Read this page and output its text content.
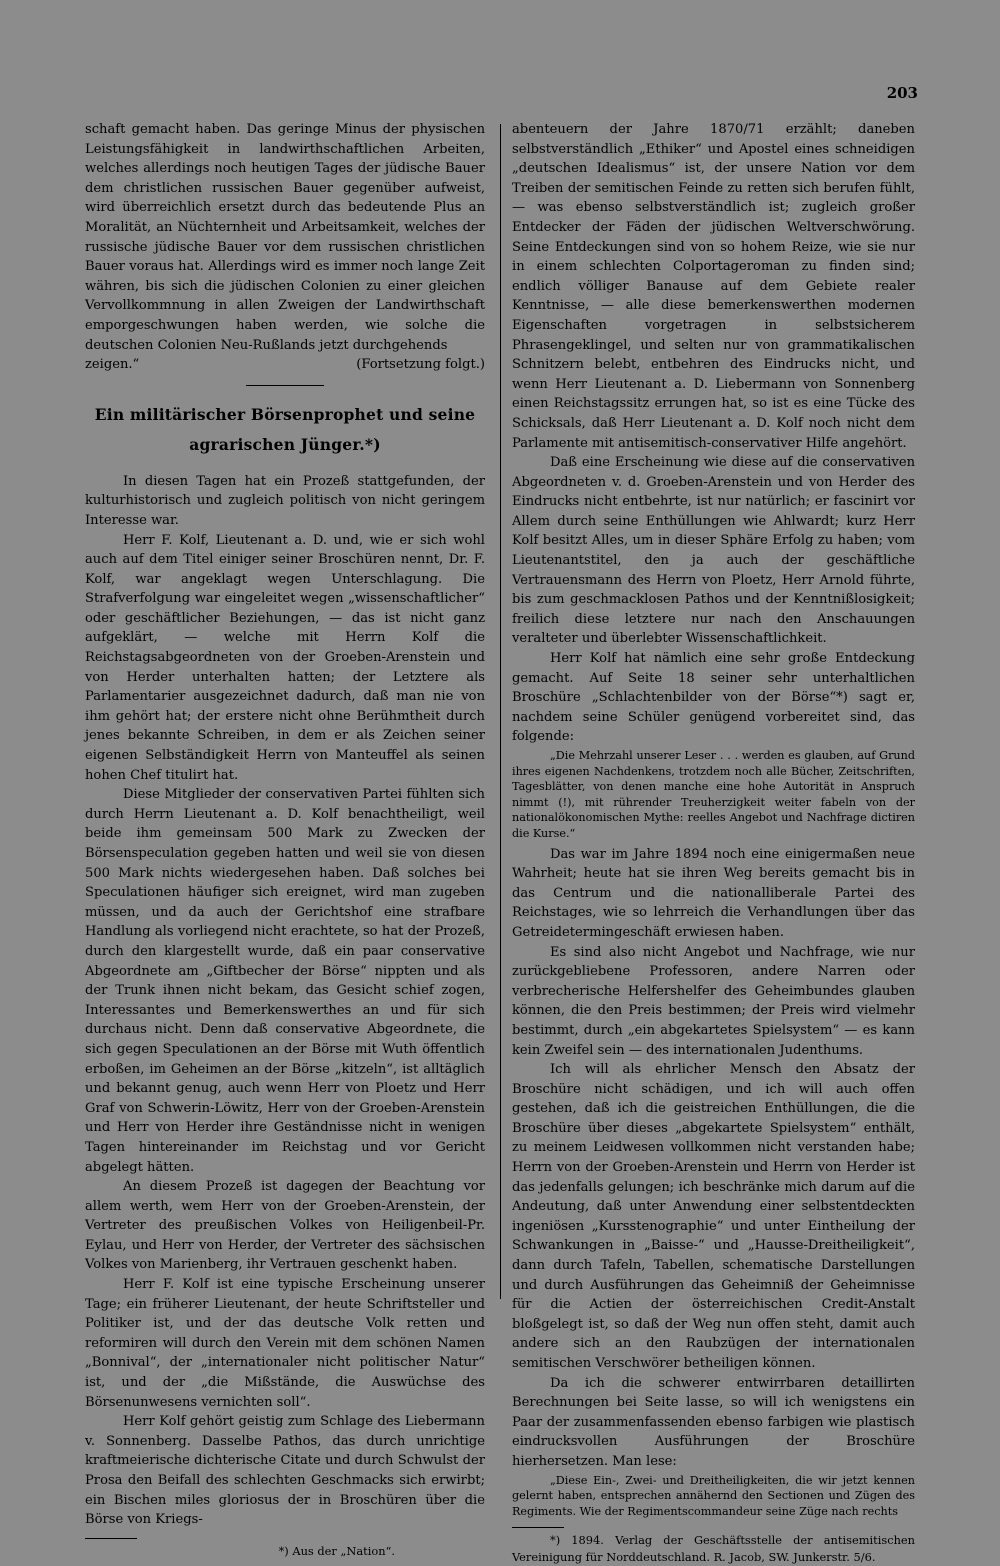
203

schaft gemacht haben. Das geringe Minus der physischen Leistungsfähigkeit in landwirthschaftlichen Arbeiten, welches allerdings noch heutigen Tages der jüdische Bauer dem christlichen russischen Bauer gegenüber aufweist, wird überreichlich ersetzt durch das bedeutende Plus an Moralität, an Nüchternheit und Arbeitsamkeit, welches der russische jüdische Bauer vor dem russischen christlichen Bauer voraus hat. Allerdings wird es immer noch lange Zeit währen, bis sich die jüdischen Colonien zu einer gleichen Vervollkommnung in allen Zweigen der Landwirthschaft emporgeschwungen haben werden, wie solche die deutschen Colonien Neu-Rußlands jetzt durchgehends

zeigen.“	(Fortsetzung folgt.)
Ein militärischer Börsenprophet und seine agrarischen Jünger.*)

In diesen Tagen hat ein Prozeß stattgefunden, der kulturhistorisch und zugleich politisch von nicht geringem Interesse war.

Herr F. Kolf, Lieutenant a. D. und, wie er sich wohl auch auf dem Titel einiger seiner Broschüren nennt, Dr. F. Kolf, war angeklagt wegen Unterschlagung. Die Strafverfolgung war eingeleitet wegen „wissenschaftlicher“ oder geschäftlicher Beziehungen, — das ist nicht ganz aufgeklärt, — welche mit Herrn Kolf die Reichstagsabgeordneten von der Groeben-Arenstein und von Herder unterhalten hatten; der Letztere als Parlamentarier ausgezeichnet dadurch, daß man nie von ihm gehört hat; der erstere nicht ohne Berühmtheit durch jenes bekannte Schreiben, in dem er als Zeichen seiner eigenen Selbständigkeit Herrn von Manteuffel als seinen hohen Chef titulirt hat.

Diese Mitglieder der conservativen Partei fühlten sich durch Herrn Lieutenant a. D. Kolf benachtheiligt, weil beide ihm gemeinsam 500 Mark zu Zwecken der Börsenspeculation gegeben hatten und weil sie von diesen 500 Mark nichts wiedergesehen haben. Daß solches bei Speculationen häufiger sich ereignet, wird man zugeben müssen, und da auch der Gerichtshof eine strafbare Handlung als vorliegend nicht erachtete, so hat der Prozeß, durch den klargestellt wurde, daß ein paar conservative Abgeordnete am „Giftbecher der Börse“ nippten und als der Trunk ihnen nicht bekam, das Gesicht schief zogen, Interessantes und Bemerkenswerthes an und für sich durchaus nicht. Denn daß conservative Abgeordnete, die sich gegen Speculationen an der Börse mit Wuth öffentlich erboßen, im Geheimen an der Börse „kitzeln“, ist alltäglich und bekannt genug, auch wenn Herr von Ploetz und Herr Graf von Schwerin-Löwitz, Herr von der Groeben-Arenstein und Herr von Herder ihre Geständnisse nicht in wenigen Tagen hintereinander im Reichstag und vor Gericht abgelegt hätten.

An diesem Prozeß ist dagegen der Beachtung vor allem werth, wem Herr von der Groeben-Arenstein, der Vertreter des preußischen Volkes von Heiligenbeil-Pr. Eylau, und Herr von Herder, der Vertreter des sächsischen Volkes von Marienberg, ihr Vertrauen geschenkt haben.

Herr F. Kolf ist eine typische Erscheinung unserer Tage; ein früherer Lieutenant, der heute Schriftsteller und Politiker ist, und der das deutsche Volk retten und reformiren will durch den Verein mit dem schönen Namen „Bonnival“, der „internationaler nicht politischer Natur“ ist, und der „die Mißstände, die Auswüchse des Börsenunwesens vernichten soll“.

Herr Kolf gehört geistig zum Schlage des Liebermann v. Sonnenberg. Dasselbe Pathos, das durch unrichtige kraftmeierische dichterische Citate und durch Schwulst der Prosa den Beifall des schlechten Geschmacks sich erwirbt; ein Bischen miles gloriosus der in Broschüren über die Börse von Kriegs-

*) Aus der „Nation“.

abenteuern der Jahre 1870/71 erzählt; daneben selbstverständlich „Ethiker“ und Apostel eines schneidigen „deutschen Idealismus“ ist, der unsere Nation vor dem Treiben der semitischen Feinde zu retten sich berufen fühlt, — was ebenso selbstverständlich ist; zugleich großer Entdecker der Fäden der jüdischen Weltverschwörung. Seine Entdeckungen sind von so hohem Reize, wie sie nur in einem schlechten Colportageroman zu finden sind; endlich völliger Banause auf dem Gebiete realer Kenntnisse, — alle diese bemerkenswerthen modernen Eigenschaften vorgetragen in selbstsicherem Phrasengeklingel, und selten nur von grammatikalischen Schnitzern belebt, entbehren des Eindrucks nicht, und wenn Herr Lieutenant a. D. Liebermann von Sonnenberg einen Reichstagssitz errungen hat, so ist es eine Tücke des Schicksals, daß Herr Lieutenant a. D. Kolf noch nicht dem Parlamente mit antisemitisch-conservativer Hilfe angehört.

Daß eine Erscheinung wie diese auf die conservativen Abgeordneten v. d. Groeben-Arenstein und von Herder des Eindrucks nicht entbehrte, ist nur natürlich; er fascinirt vor Allem durch seine Enthüllungen wie Ahlwardt; kurz Herr Kolf besitzt Alles, um in dieser Sphäre Erfolg zu haben; vom Lieutenantstitel, den ja auch der geschäftliche Vertrauensmann des Herrn von Ploetz, Herr Arnold führte, bis zum geschmacklosen Pathos und der Kenntnißlosigkeit; freilich diese letztere nur nach den Anschauungen veralteter und überlebter Wissenschaftlichkeit.

Herr Kolf hat nämlich eine sehr große Entdeckung gemacht. Auf Seite 18 seiner sehr unterhaltlichen Broschüre „Schlachtenbilder von der Börse“*) sagt er, nachdem seine Schüler genügend vorbereitet sind, das folgende:

„Die Mehrzahl unserer Leser . . . werden es glauben, auf Grund ihres eigenen Nachdenkens, trotzdem noch alle Bücher, Zeitschriften, Tagesblätter, von denen manche eine hohe Autorität in Anspruch nimmt (!), mit rührender Treuherzigkeit weiter fabeln von der nationalökonomischen Mythe: reelles Angebot und Nachfrage dictiren die Kurse.“

Das war im Jahre 1894 noch eine einigermaßen neue Wahrheit; heute hat sie ihren Weg bereits gemacht bis in das Centrum und die nationalliberale Partei des Reichstages, wie so lehrreich die Verhandlungen über das Getreidetermingeschäft erwiesen haben.

Es sind also nicht Angebot und Nachfrage, wie nur zurückgebliebene Professoren, andere Narren oder verbrecherische Helfershelfer des Geheimbundes glauben können, die den Preis bestimmen; der Preis wird vielmehr bestimmt, durch „ein abgekartetes Spielsystem“ — es kann kein Zweifel sein — des internationalen Judenthums.

Ich will als ehrlicher Mensch den Absatz der Broschüre nicht schädigen, und ich will auch offen gestehen, daß ich die geistreichen Enthüllungen, die die Broschüre über dieses „abgekartete Spielsystem“ enthält, zu meinem Leidwesen vollkommen nicht verstanden habe; Herrn von der Groeben-Arenstein und Herrn von Herder ist das jedenfalls gelungen; ich beschränke mich darum auf die Andeutung, daß unter Anwendung einer selbstentdeckten ingeniösen „Kursstenographie“ und unter Eintheilung der Schwankungen in „Baisse-“ und „Hausse-Dreitheiligkeit“, dann durch Tafeln, Tabellen, schematische Darstellungen und durch Ausführungen das Geheimniß der Geheimnisse für die Actien der österreichischen Credit-Anstalt bloßgelegt ist, so daß der Weg nun offen steht, damit auch andere sich an den Raubzügen der internationalen semitischen Verschwörer betheiligen können.

Da ich die schwerer entwirrbaren detaillirten Berechnungen bei Seite lasse, so will ich wenigstens ein Paar der zusammenfassenden ebenso farbigen wie plastisch eindrucksvollen Ausführungen der Broschüre hierhersetzen. Man lese:

„Diese Ein-, Zwei- und Dreitheiligkeiten, die wir jetzt kennen gelernt haben, entsprechen annähernd den Sectionen und Zügen des Regiments. Wie der Regimentscommandeur seine Züge nach rechts

*) 1894. Verlag der Geschäftsstelle der antisemitischen Vereinigung für Norddeutschland. R. Jacob, SW. Junkerstr. 5/6.
